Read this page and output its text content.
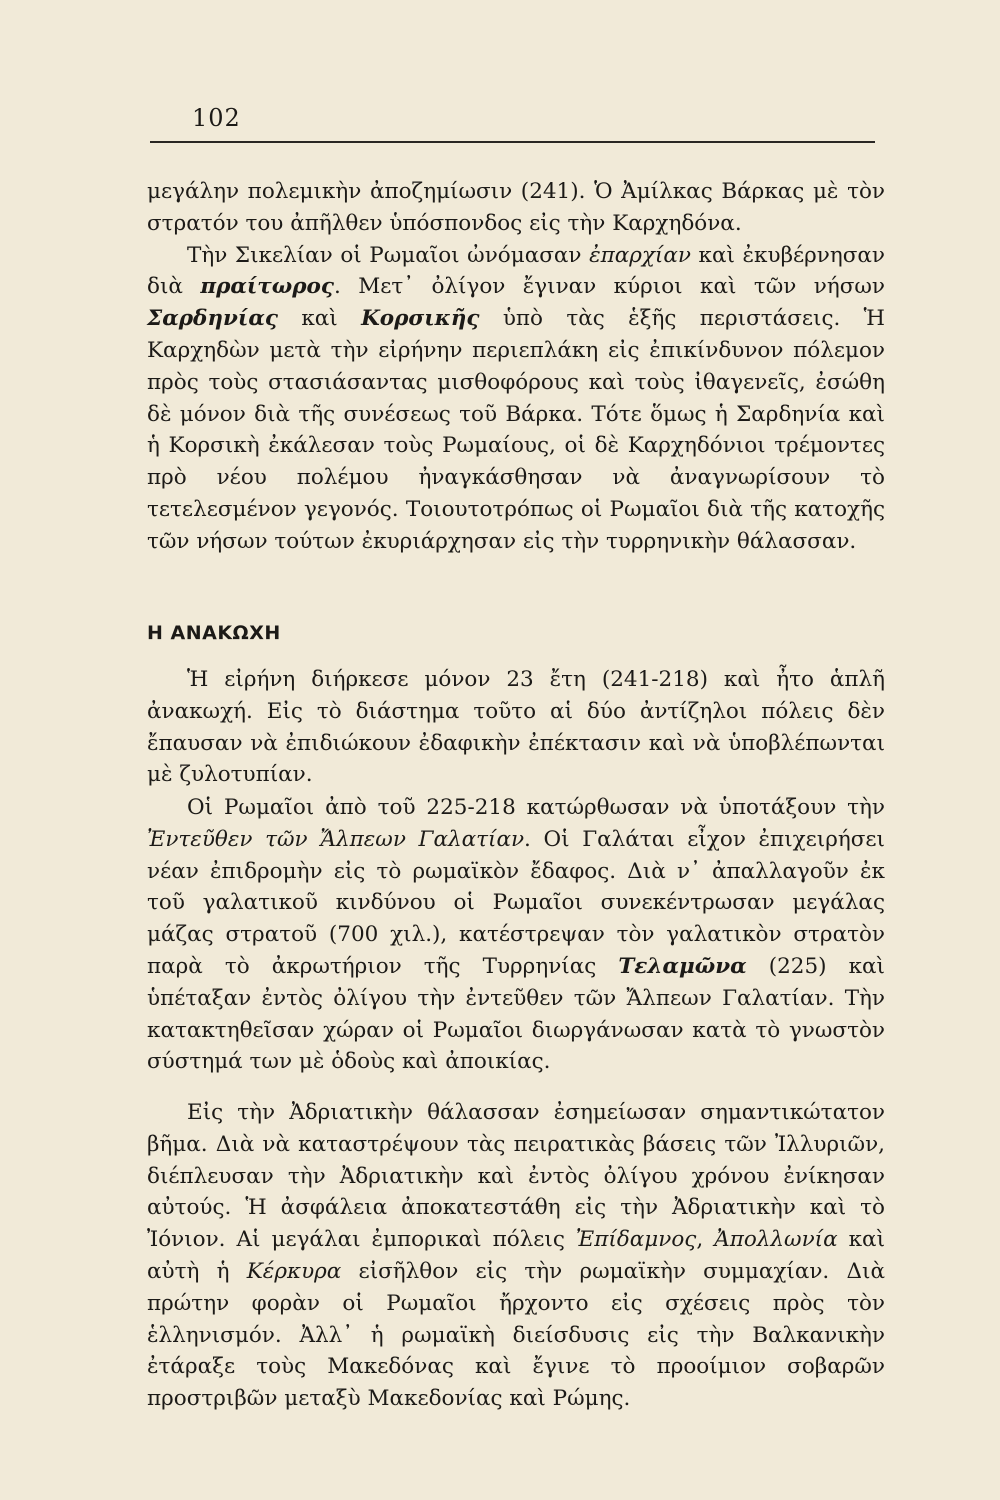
102

μεγάλην πολεμικὴν ἀποζημίωσιν (241). Ὁ Ἀμίλκας Βάρκας μὲ τὸν στρατόν του ἀπῆλθεν ὑπόσπονδος εἰς τὴν Καρχηδόνα.

Τὴν Σικελίαν οἱ Ρωμαῖοι ὠνόμασαν ἐπαρχίαν καὶ ἐκυβέρνησαν διὰ πραίτωρος. Μετ᾿ ὀλίγον ἔγιναν κύριοι καὶ τῶν νήσων Σαρδηνίας καὶ Κορσικῆς ὑπὸ τὰς ἑξῆς περιστάσεις. Ἡ Καρχηδὼν μετὰ τὴν εἰρήνην περιεπλάκη εἰς ἐπικίνδυνον πόλεμον πρὸς τοὺς στασιάσαντας μισθοφόρους καὶ τοὺς ἰθαγενεῖς, ἐσώθη δὲ μόνον διὰ τῆς συνέσεως τοῦ Βάρκα. Τότε ὅμως ἡ Σαρδηνία καὶ ἡ Κορσικὴ ἐκάλεσαν τοὺς Ρωμαίους, οἱ δὲ Καρχηδόνιοι τρέμοντες πρὸ νέου πολέμου ἠναγκάσθησαν νὰ ἀναγνωρίσουν τὸ τετελεσμένον γεγονός. Τοιουτοτρόπως οἱ Ρωμαῖοι διὰ τῆς κατοχῆς τῶν νήσων τούτων ἐκυριάρχησαν εἰς τὴν τυρρηνικὴν θάλασσαν.

Η ΑΝΑΚΩΧΗ

Ἡ εἰρήνη διήρκεσε μόνον 23 ἔτη (241-218) καὶ ἦτο ἁπλῆ ἀνακωχή. Εἰς τὸ διάστημα τοῦτο αἱ δύο ἀντίζηλοι πόλεις δὲν ἔπαυσαν νὰ ἐπιδιώκουν ἐδαφικὴν ἐπέκτασιν καὶ νὰ ὑποβλέπωνται μὲ ζυλοτυπίαν.

Οἱ Ρωμαῖοι ἀπὸ τοῦ 225-218 κατώρθωσαν νὰ ὑποτάξουν τὴν Ἐντεῦθεν τῶν Ἄλπεων Γαλατίαν. Οἱ Γαλάται εἶχον ἐπιχειρήσει νέαν ἐπιδρομὴν εἰς τὸ ρωμαϊκὸν ἔδαφος. Διὰ ν᾿ ἀπαλλαγοῦν ἐκ τοῦ γαλατικοῦ κινδύνου οἱ Ρωμαῖοι συνεκέντρωσαν μεγάλας μάζας στρατοῦ (700 χιλ.), κατέστρεψαν τὸν γαλατικὸν στρατὸν παρὰ τὸ ἀκρωτήριον τῆς Τυρρηνίας Τελαμῶνα (225) καὶ ὑπέταξαν ἐντὸς ὀλίγου τὴν ἐντεῦθεν τῶν Ἄλπεων Γαλατίαν. Τὴν κατακτηθεῖσαν χώραν οἱ Ρωμαῖοι διωργάνωσαν κατὰ τὸ γνωστὸν σύστημά των μὲ ὁδοὺς καὶ ἀποικίας.

Εἰς τὴν Ἀδριατικὴν θάλασσαν ἐσημείωσαν σημαντικώτατον βῆμα. Διὰ νὰ καταστρέψουν τὰς πειρατικὰς βάσεις τῶν Ἰλλυριῶν, διέπλευσαν τὴν Ἀδριατικὴν καὶ ἐντὸς ὀλίγου χρόνου ἐνίκησαν αὐτούς. Ἡ ἀσφάλεια ἀποκατεστάθη εἰς τὴν Ἀδριατικὴν καὶ τὸ Ἰόνιον. Αἱ μεγάλαι ἐμπορικαὶ πόλεις Ἐπίδαμνος, Ἀπολλωνία καὶ αὐτὴ ἡ Κέρκυρα εἰσῆλθον εἰς τὴν ρωμαϊκὴν συμμαχίαν. Διὰ πρώτην φορὰν οἱ Ρωμαῖοι ἤρχοντο εἰς σχέσεις πρὸς τὸν ἑλληνισμόν. Ἀλλ᾿ ἡ ρωμαϊκὴ διείσδυσις εἰς τὴν Βαλκανικὴν ἐτάραξε τοὺς Μακεδόνας καὶ ἔγινε τὸ προοίμιον σοβαρῶν προστριβῶν μεταξὺ Μακεδονίας καὶ Ρώμης.
